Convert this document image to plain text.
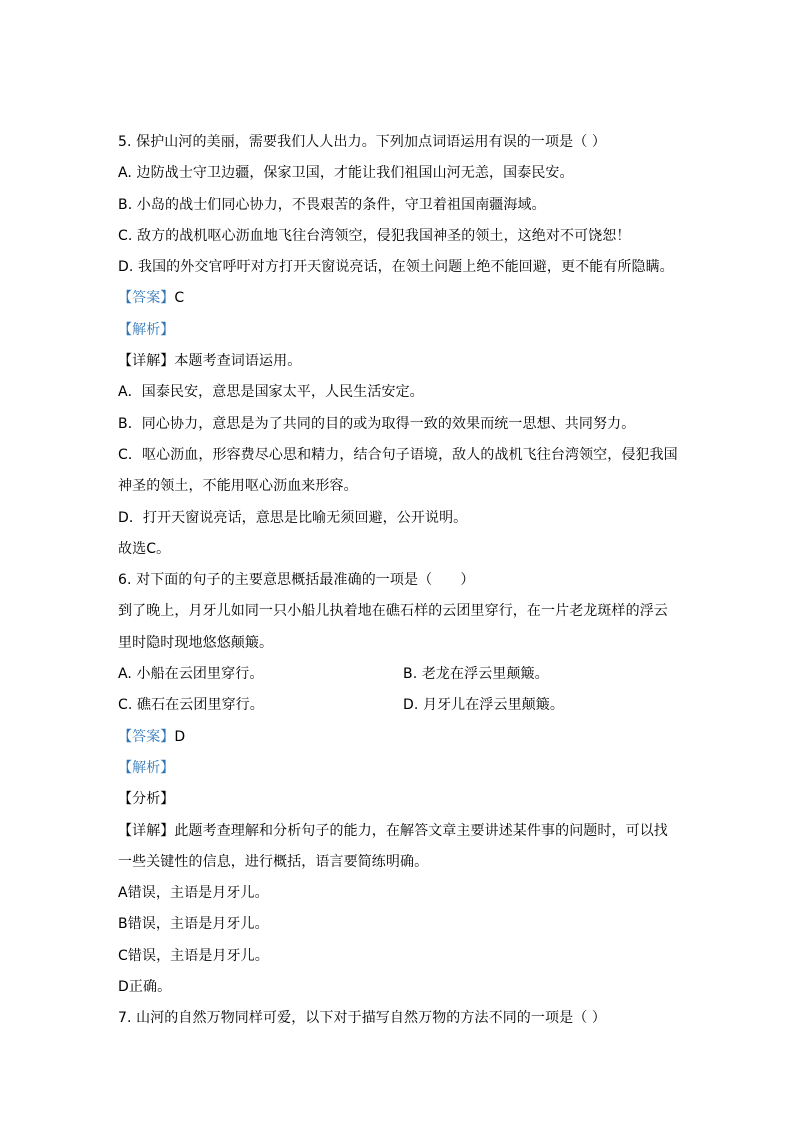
5. 保护山河的美丽，需要我们人人出力。下列加点词语运用有误的一项是（ ）
A. 边防战士守卫边疆，保家卫国，才能让我们祖国山河无恙，国泰民安。
B. 小岛的战士们同心协力，不畏艰苦的条件，守卫着祖国南疆海域。
C. 敌方的战机呕心沥血地飞往台湾领空，侵犯我国神圣的领土，这绝对不可饶恕！
D. 我国的外交官呼吁对方打开天窗说亮话，在领土问题上绝不能回避，更不能有所隐瞒。
【答案】C
【解析】
【详解】本题考查词语运用。
A．国泰民安，意思是国家太平，人民生活安定。
B．同心协力，意思是为了共同的目的或为取得一致的效果而统一思想、共同努力。
C．呕心沥血，形容费尽心思和精力，结合句子语境，敌人的战机飞往台湾领空，侵犯我国
神圣的领土，不能用呕心沥血来形容。
D．打开天窗说亮话，意思是比喻无须回避，公开说明。
故选C。
6. 对下面的句子的主要意思概括最准确的一项是（　　）
到了晚上，月牙儿如同一只小船儿执着地在礁石样的云团里穿行，在一片老龙斑样的浮云
里时隐时现地悠悠颠簸。
A. 小船在云团里穿行。	B. 老龙在浮云里颠簸。
C. 礁石在云团里穿行。	D. 月牙儿在浮云里颠簸。
【答案】D
【解析】
【分析】
【详解】此题考查理解和分析句子的能力，在解答文章主要讲述某件事的问题时，可以找
一些关键性的信息，进行概括，语言要简练明确。
A错误，主语是月牙儿。
B错误，主语是月牙儿。
C错误，主语是月牙儿。
D正确。
7. 山河的自然万物同样可爱，以下对于描写自然万物的方法不同的一项是（ ）
